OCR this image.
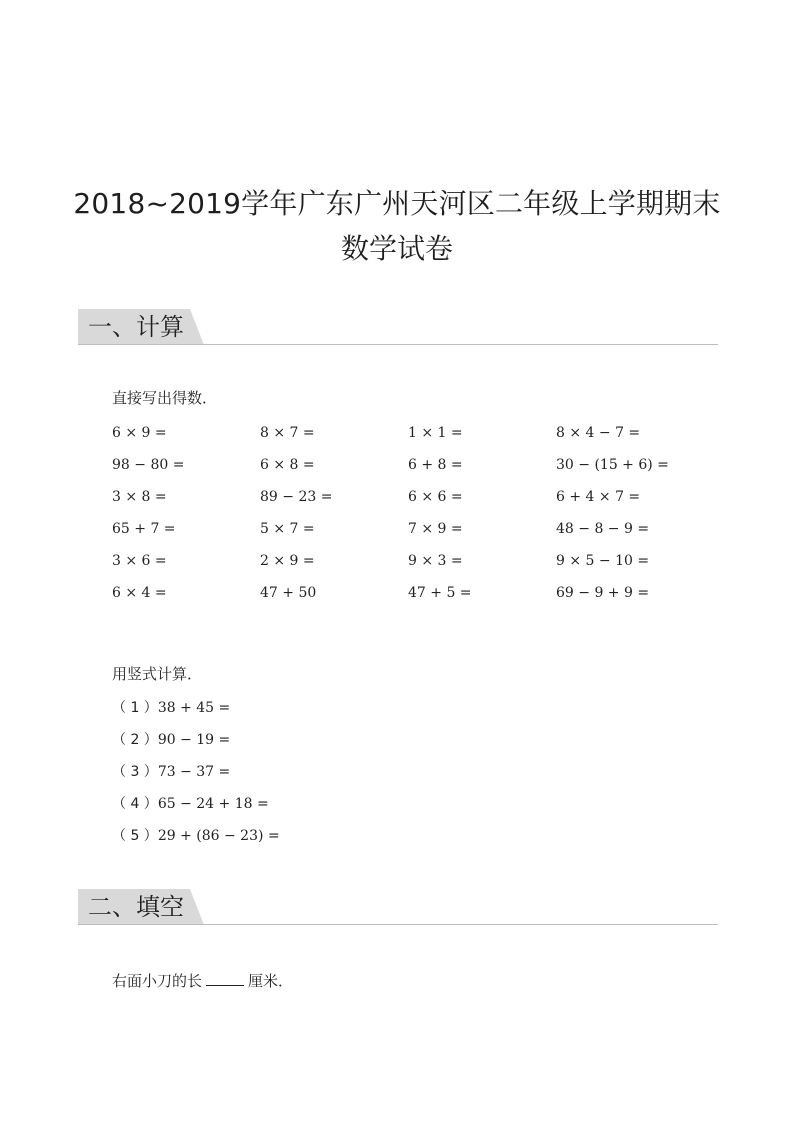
2018~2019学年广东广州天河区二年级上学期期末
数学试卷
一、计算
直接写出得数．
6 × 9 =	8 × 7 =	1 × 1 =	8 × 4 − 7 =
98 − 80 =	6 × 8 =	6 + 8 =	30 − (15 + 6) =
3 × 8 =	89 − 23 =	6 × 6 =	6 + 4 × 7 =
65 + 7 =	5 × 7 =	7 × 9 =	48 − 8 − 9 =
3 × 6 =	2 × 9 =	9 × 3 =	9 × 5 − 10 =
6 × 4 =	47 + 50	47 + 5 =	69 − 9 + 9 =
用竖式计算．
（ 1 ）38 + 45 =
（ 2 ）90 − 19 =
（ 3 ）73 − 37 =
（ 4 ）65 − 24 + 18 =
（ 5 ）29 + (86 − 23) =
二、填空
右面小刀的长	厘米．
